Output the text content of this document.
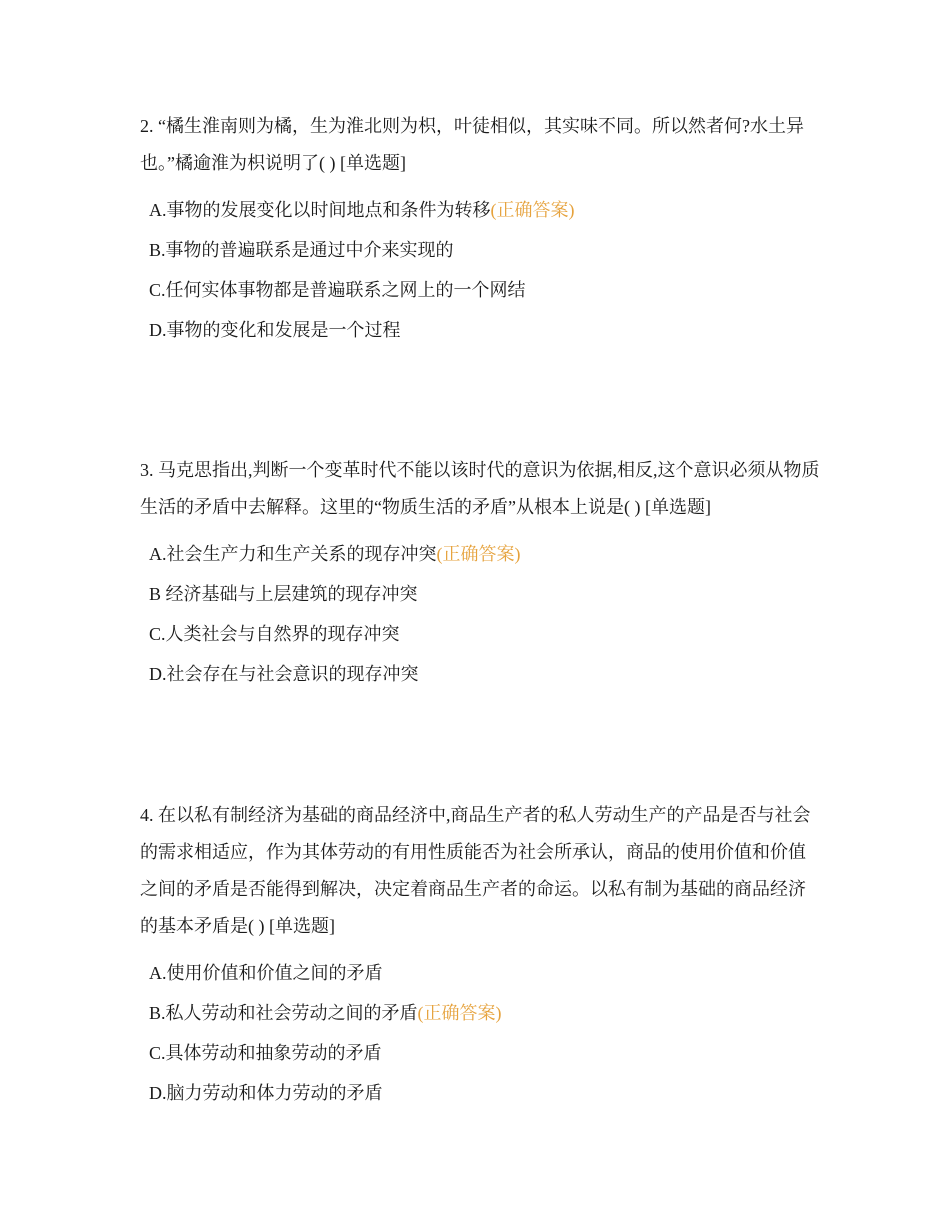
2. “橘生淮南则为橘，生为淮北则为枳，叶徒相似，其实味不同。所以然者何?水土异也。”橘逾淮为枳说明了( ) [单选题]

A.事物的发展变化以时间地点和条件为转移(正确答案)
B.事物的普遍联系是通过中介来实现的
C.任何实体事物都是普遍联系之网上的一个网结
D.事物的变化和发展是一个过程

3. 马克思指出,判断一个变革时代不能以该时代的意识为依据,相反,这个意识必须从物质生活的矛盾中去解释。这里的“物质生活的矛盾”从根本上说是( ) [单选题]

A.社会生产力和生产关系的现存冲突(正确答案)
B 经济基础与上层建筑的现存冲突
C.人类社会与自然界的现存冲突
D.社会存在与社会意识的现存冲突

4. 在以私有制经济为基础的商品经济中,商品生产者的私人劳动生产的产品是否与社会的需求相适应，作为其体劳动的有用性质能否为社会所承认，商品的使用价值和价值之间的矛盾是否能得到解决，决定着商品生产者的命运。以私有制为基础的商品经济的基本矛盾是( ) [单选题]

A.使用价值和价值之间的矛盾
B.私人劳动和社会劳动之间的矛盾(正确答案)
C.具体劳动和抽象劳动的矛盾
D.脑力劳动和体力劳动的矛盾
